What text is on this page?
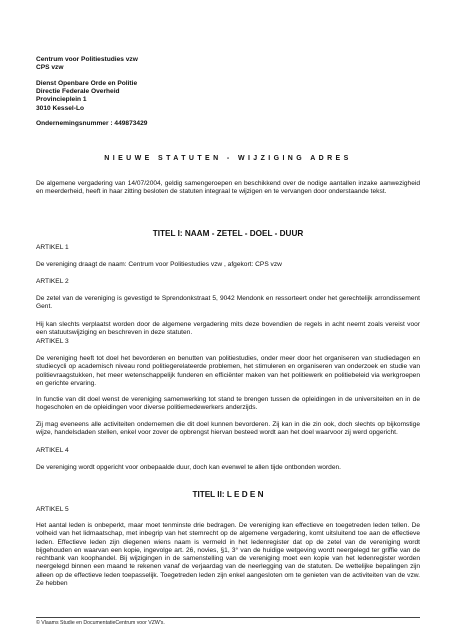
Centrum voor Politiestudies vzw
CPS vzw
Dienst Openbare Orde en Politie
Directie Federale Overheid
Provincieplein 1
3010 Kessel-Lo
Ondernemingsnummer : 449873429
NIEUWE STATUTEN - WIJZIGING ADRES
De algemene vergadering van 14/07/2004, geldig samengeroepen en beschikkend over de nodige aantallen inzake aanwezigheid en meerderheid, heeft in haar zitting besloten de statuten integraal te wijzigen en te vervangen door onderstaande tekst.
TITEL I: NAAM - ZETEL - DOEL - DUUR
ARTIKEL 1
De vereniging draagt de naam: Centrum voor Politiestudies vzw , afgekort: CPS vzw
ARTIKEL 2
De zetel van de vereniging is gevestigd te Sprendonkstraat 5, 9042 Mendonk en ressorteert onder het gerechtelijk arrondissement Gent.
Hij kan slechts verplaatst worden door de algemene vergadering mits deze bovendien de regels in acht neemt zoals vereist voor een statuutswijziging en beschreven in deze statuten.
ARTIKEL 3
De vereniging heeft tot doel het bevorderen en benutten van politiestudies, onder meer door het organiseren van studiedagen en studiecycli op academisch niveau rond politiegerelateerde problemen, het stimuleren en organiseren van onderzoek en studie van politievraagstukken, het meer wetenschappelijk funderen en efficiënter maken van het politiewerk en politiebeleid via werkgroepen en gerichte ervaring.
In functie van dit doel wenst de vereniging samenwerking tot stand te brengen tussen de opleidingen in de universiteiten en in de hogescholen en de opleidingen voor diverse politiemedewerkers anderzijds.
Zij mag eveneens alle activiteiten ondernemen die dit doel kunnen bevorderen. Zij kan in die zin ook, doch slechts op bijkomstige wijze, handelsdaden stellen, enkel voor zover de opbrengst hiervan besteed wordt aan het doel waarvoor zij werd opgericht.
ARTIKEL 4
De vereniging wordt opgericht voor onbepaalde duur, doch kan evenwel te allen tijde ontbonden worden.
TITEL II: L E D E N
ARTIKEL 5
Het aantal leden is onbeperkt, maar moet tenminste drie bedragen. De vereniging kan effectieve en toegetreden leden tellen. De volheid van het lidmaatschap, met inbegrip van het stemrecht op de algemene vergadering, komt uitsluitend toe aan de effectieve leden. Effectieve leden zijn diegenen wiens naam is vermeld in het ledenregister dat op de zetel van de vereniging wordt bijgehouden en waarvan een kopie, ingevolge art. 26, novies, §1, 3° van de huidige wetgeving wordt neergelegd ter griffie van de rechtbank van koophandel. Bij wijzigingen in de samenstelling van de vereniging moet een kopie van het ledenregister worden neergelegd binnen een maand te rekenen vanaf de verjaardag van de neerlegging van de statuten. De wettelijke bepalingen zijn alleen op de effectieve leden toepasselijk. Toegetreden leden zijn enkel aangesloten om te genieten van de activiteiten van de vzw. Ze hebben
© Vlaams Studie en DocumentatieCentrum voor VZW's.
